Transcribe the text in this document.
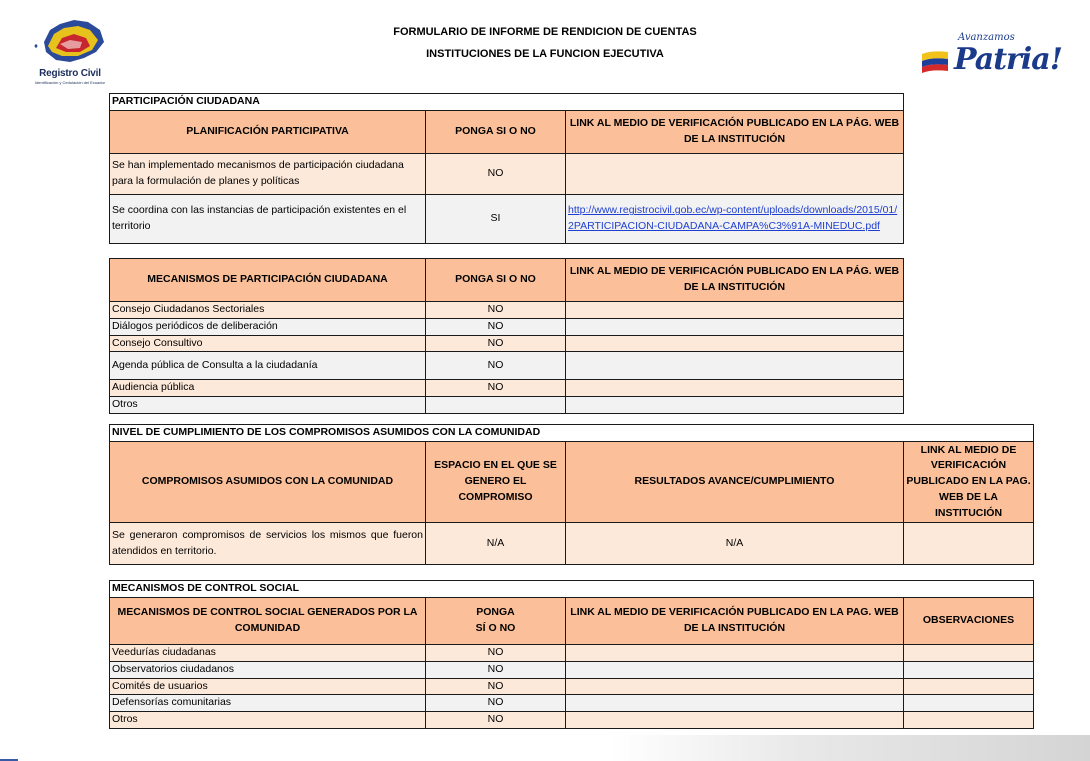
Registro Civil
Identificación y Cedulación del Ecuador
Avanzamos
Patria!
FORMULARIO DE INFORME DE RENDICION DE CUENTAS
INSTITUCIONES DE LA FUNCION EJECUTIVA
PARTICIPACIÓN CIUDADANA		
PLANIFICACIÓN PARTICIPATIVA	PONGA SI O NO	LINK AL MEDIO DE VERIFICACIÓN PUBLICADO EN LA PÁG. WEB DE LA INSTITUCIÓN
Se han implementado mecanismos de participación ciudadana para la formulación de planes y políticas	NO	
Se coordina con las instancias de participación existentes en el territorio	SI	http://www.registrocivil.gob.ec/wp-content/uploads/downloads/2015/01/2PARTICIPACION-CIUDADANA-CAMPA%C3%91A-MINEDUC.pdf
MECANISMOS DE PARTICIPACIÓN CIUDADANA	PONGA SI O NO	LINK AL MEDIO DE VERIFICACIÓN PUBLICADO EN LA PÁG. WEB DE LA INSTITUCIÓN
Consejo Ciudadanos Sectoriales	NO	
Diálogos periódicos de deliberación	NO	
Consejo Consultivo	NO	
Agenda pública de Consulta a la ciudadanía	NO	
Audiencia pública	NO	
Otros		
NIVEL DE CUMPLIMIENTO DE LOS COMPROMISOS ASUMIDOS CON LA COMUNIDAD			
COMPROMISOS ASUMIDOS CON LA COMUNIDAD	ESPACIO EN EL QUE SE GENERO EL COMPROMISO	RESULTADOS AVANCE/CUMPLIMIENTO	LINK AL MEDIO DE VERIFICACIÓN PUBLICADO EN LA PAG. WEB DE LA INSTITUCIÓN
Se generaron compromisos de servicios los mismos que fueron atendidos en territorio.	N/A	N/A	
MECANISMOS DE CONTROL SOCIAL			
MECANISMOS DE CONTROL SOCIAL GENERADOS POR LA COMUNIDAD	PONGA
SÍ O NO	LINK AL MEDIO DE VERIFICACIÓN PUBLICADO EN LA PAG. WEB DE LA INSTITUCIÓN	OBSERVACIONES
Veedurías ciudadanas	NO		
Observatorios ciudadanos	NO		
Comités de usuarios	NO		
Defensorías comunitarias	NO		
Otros	NO		
